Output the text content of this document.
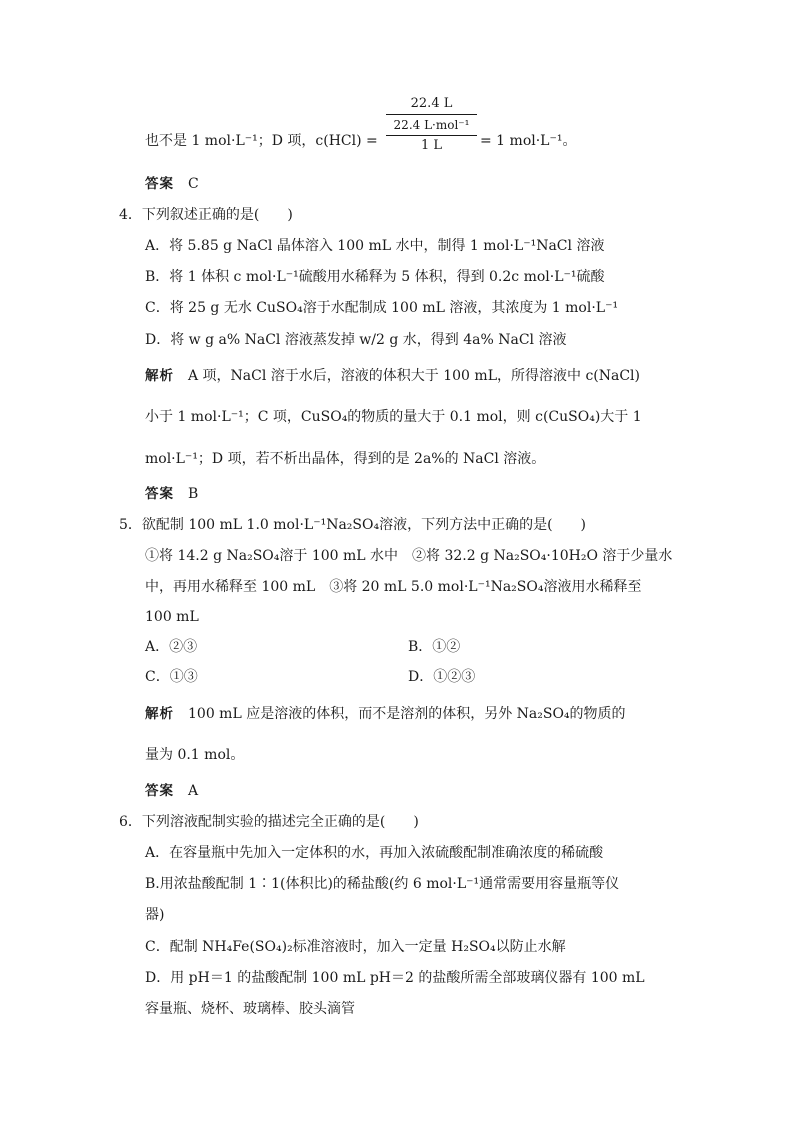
22.4 L
22.4 L·mol⁻¹
1 L
也不是 1 mol·L⁻¹；D 项，c(HCl) =	= 1 mol·L⁻¹。
答案 C
4．下列叙述正确的是(　　)
A．将 5.85 g NaCl 晶体溶入 100 mL 水中，制得 1 mol·L⁻¹NaCl 溶液
B．将 1 体积 c mol·L⁻¹硫酸用水稀释为 5 体积，得到 0.2c mol·L⁻¹硫酸
C．将 25 g 无水 CuSO₄溶于水配制成 100 mL 溶液，其浓度为 1 mol·L⁻¹
D．将 w g a% NaCl 溶液蒸发掉 w/2 g 水，得到 4a% NaCl 溶液
解析 A 项，NaCl 溶于水后，溶液的体积大于 100 mL，所得溶液中 c(NaCl)
小于 1 mol·L⁻¹；C 项，CuSO₄的物质的量大于 0.1 mol，则 c(CuSO₄)大于 1
mol·L⁻¹；D 项，若不析出晶体，得到的是 2a%的 NaCl 溶液。
答案 B
5．欲配制 100 mL 1.0 mol·L⁻¹Na₂SO₄溶液，下列方法中正确的是(　　)
①将 14.2 g Na₂SO₄溶于 100 mL 水中　②将 32.2 g Na₂SO₄·10H₂O 溶于少量水
中，再用水稀释至 100 mL　③将 20 mL 5.0 mol·L⁻¹Na₂SO₄溶液用水稀释至
100 mL
A．②③	B．①②
C．①③	D．①②③
解析 100 mL 应是溶液的体积，而不是溶剂的体积，另外 Na₂SO₄的物质的
量为 0.1 mol。
答案 A
6．下列溶液配制实验的描述完全正确的是(　　)
A．在容量瓶中先加入一定体积的水，再加入浓硫酸配制准确浓度的稀硫酸
B.用浓盐酸配制 1∶1(体积比)的稀盐酸(约 6 mol·L⁻¹通常需要用容量瓶等仪
器)
C．配制 NH₄Fe(SO₄)₂标准溶液时，加入一定量 H₂SO₄以防止水解
D．用 pH＝1 的盐酸配制 100 mL pH＝2 的盐酸所需全部玻璃仪器有 100 mL
容量瓶、烧杯、玻璃棒、胶头滴管
